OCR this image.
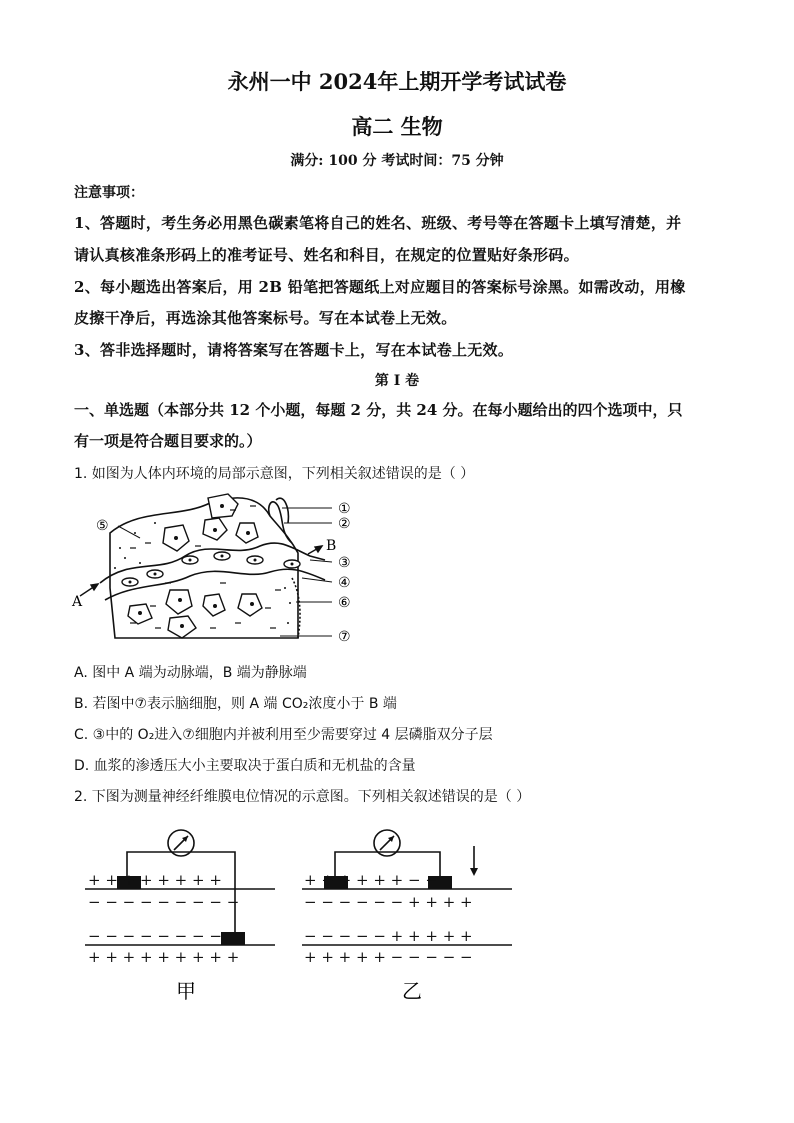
永州一中 2024年上期开学考试试卷
高二 生物
满分: 100 分 考试时间：75 分钟
注意事项：
1、答题时，考生务必用黑色碳素笔将自己的姓名、班级、考号等在答题卡上填写清楚，并
请认真核准条形码上的准考证号、姓名和科目，在规定的位置贴好条形码。
2、每小题选出答案后，用 2B 铅笔把答题纸上对应题目的答案标号涂黑。如需改动，用橡
皮擦干净后，再选涂其他答案标号。写在本试卷上无效。
3、答非选择题时，请将答案写在答题卡上，写在本试卷上无效。
第 I 卷
一、单选题（本部分共 12 个小题，每题 2 分，共 24 分。在每小题给出的四个选项中，只
有一项是符合题目要求的。）
1. 如图为人体内环境的局部示意图，下列相关叙述错误的是（ ）
①
②
③
④
⑥
⑦
⑤
A
B
A. 图中 A 端为动脉端，B 端为静脉端
B. 若图中⑦表示脑细胞，则 A 端 CO₂浓度小于 B 端
C. ③中的 O₂进入⑦细胞内并被利用至少需要穿过 4 层磷脂双分子层
D. 血浆的渗透压大小主要取决于蛋白质和无机盐的含量
2. 下图为测量神经纤维膜电位情况的示意图。下列相关叙述错误的是（ ）
+ + + + + + + +
− − − − − − − − −
− − − − − − − −
+ + + + + + + + +
+ + + + + + − −
− − − − − − + + + +
− − − − − + + + + +
+ + + + + − − − − −
甲	乙
